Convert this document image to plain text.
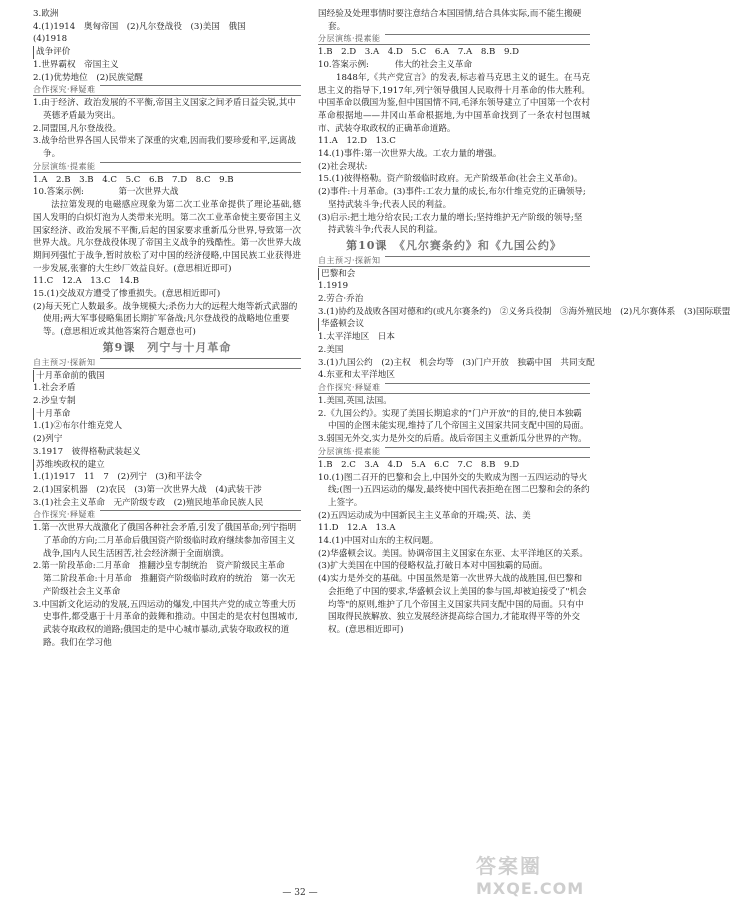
3.欧洲
4.(1)1914　奥匈帝国　(2)凡尔登战役　(3)美国　俄国
(4)1918
战争评价
1.世界霸权　帝国主义
2.(1)优势地位　(2)民族觉醒
合作探究·释疑难
1.由于经济、政治发展的不平衡,帝国主义国家之间矛盾日益尖锐,其中英德矛盾最为突出。
2.同盟国,凡尔登战役。
3.战争给世界各国人民带来了深重的灾难,因而我们要珍爱和平,远离战争。
分层演练·提素能
1.A　2.B　3.B　4.C　5.C　6.B　7.D　8.C　9.B
10.答案示例:　　　　第一次世界大战
法拉第发现的电磁感应现象为第二次工业革命提供了理论基础,德国人发明的白炽灯泡为人类带来光明。第二次工业革命使主要帝国主义国家经济、政治发展不平衡,后起的国家要求重新瓜分世界,导致第一次世界大战。凡尔登战役体现了帝国主义战争的残酷性。第一次世界大战期间列强忙于战争,暂时放松了对中国的经济侵略,中国民族工业获得进一步发展,张謇的大生纱厂效益良好。(意思相近即可)
11.C　12.A　13.C　14.B
15.(1)交战双方遭受了惨重损失。(意思相近即可)
(2)每天死亡人数最多。战争规模大;杀伤力大的远程大炮等新式武器的使用;两大军事侵略集团长期扩军备战;凡尔登战役的战略地位重要等。(意思相近或其他答案符合题意也可)
第9课　 列宁与十月革命
自主预习·探新知
十月革命前的俄国
1.社会矛盾
2.沙皇专制
十月革命
1.(1)②布尔什维克党人
(2)列宁
3.1917　彼得格勒武装起义
苏维埃政权的建立
1.(1)1917　11　7　(2)列宁　(3)和平法令
2.(1)国家机器　(2)农民　(3)第一次世界大战　(4)武装干涉
3.(1)社会主义革命　无产阶级专政　(2)殖民地革命民族人民
合作探究·释疑难
1.第一次世界大战激化了俄国各种社会矛盾,引发了俄国革命;列宁指明了革命的方向;二月革命后俄国资产阶级临时政府继续参加帝国主义战争,国内人民生活困苦,社会经济濒于全面崩溃。
2.第一阶段革命:二月革命　推翻沙皇专制统治　资产阶级民主革命　第二阶段革命:十月革命　推翻资产阶级临时政府的统治　第一次无产阶级社会主义革命
3.中国新文化运动的发展,五四运动的爆发,中国共产党的成立等重大历史事件,都受惠于十月革命的鼓舞和推动。中国走的是农村包围城市,武装夺取政权的道路;俄国走的是中心城市暴动,武装夺取政权的道路。我们在学习他
国经验及处理事情时要注意结合本国国情,结合具体实际,而不能生搬硬套。
分层演练·提素能
1.B　2.D　3.A　4.D　5.C　6.A　7.A　8.B　9.D
10.答案示例:　　　伟大的社会主义革命
1848年,《共产党宣言》的发表,标志着马克思主义的诞生。在马克思主义的指导下,1917年,列宁领导俄国人民取得十月革命的伟大胜利。中国革命以俄国为鉴,但中国国情不同,毛泽东领导建立了中国第一个农村革命根据地——井冈山革命根据地,为中国革命找到了一条农村包围城市、武装夺取政权的正确革命道路。
11.A　12.D　13.C
14.(1)事件:第一次世界大战。工农力量的增强。
(2)社会现状:
15.(1)彼得格勒。资产阶级临时政府。无产阶级革命(社会主义革命)。
(2)事件:十月革命。(3)事件:工农力量的成长,布尔什维克党的正确领导;坚持武装斗争;代表人民的利益。
(3)启示:把土地分给农民;工农力量的增长;坚持维护无产阶级的领导;坚持武装斗争;代表人民的利益。
第10课　 《凡尔赛条约》和《九国公约》
自主预习·探新知
巴黎和会
1.1919
2.劳合·乔治
3.(1)协约及战败各国对德和约(或凡尔赛条约)　②义务兵役制　③海外殖民地　(2)凡尔赛体系　(3)国际联盟
华盛顿会议
1.太平洋地区　日本
2.美国
3.(1)九国公约　(2)主权　机会均等　(3)门户开放　独霸中国　共同支配
4.东亚和太平洋地区
合作探究·释疑难
1.美国,英国,法国。
2.《九国公约》。实现了美国长期追求的"门户开放"的目的,使日本独霸中国的企图未能实现,维持了几个帝国主义国家共同支配中国的局面。
3.弱国无外交,实力是外交的后盾。战后帝国主义重新瓜分世界的产物。
分层演练·提素能
1.B　2.C　3.A　4.D　5.A　6.C　7.C　8.B　9.D
10.(1)图二召开的巴黎和会上,中国外交的失败成为图一五四运动的导火线;(图一)五四运动的爆发,最终使中国代表拒绝在图二巴黎和会的条约上签字。
(2)五四运动成为中国新民主主义革命的开端;英、法、美
11.D　12.A　13.A
14.(1)中国对山东的主权问题。
(2)华盛顿会议。美国。协调帝国主义国家在东亚、太平洋地区的关系。
(3)扩大美国在中国的侵略权益,打破日本对中国独霸的局面。
(4)实力是外交的基础。中国虽然是第一次世界大战的战胜国,但巴黎和会拒绝了中国的要求,华盛顿会议上美国的参与国,却被迫接受了"机会均等"的原则,维护了几个帝国主义国家共同支配中国的局面。只有中国取得民族解放、独立发展经济提高综合国力,才能取得平等的外交权。(意思相近即可)
— 32 —
答案圈
MXQE.COM
